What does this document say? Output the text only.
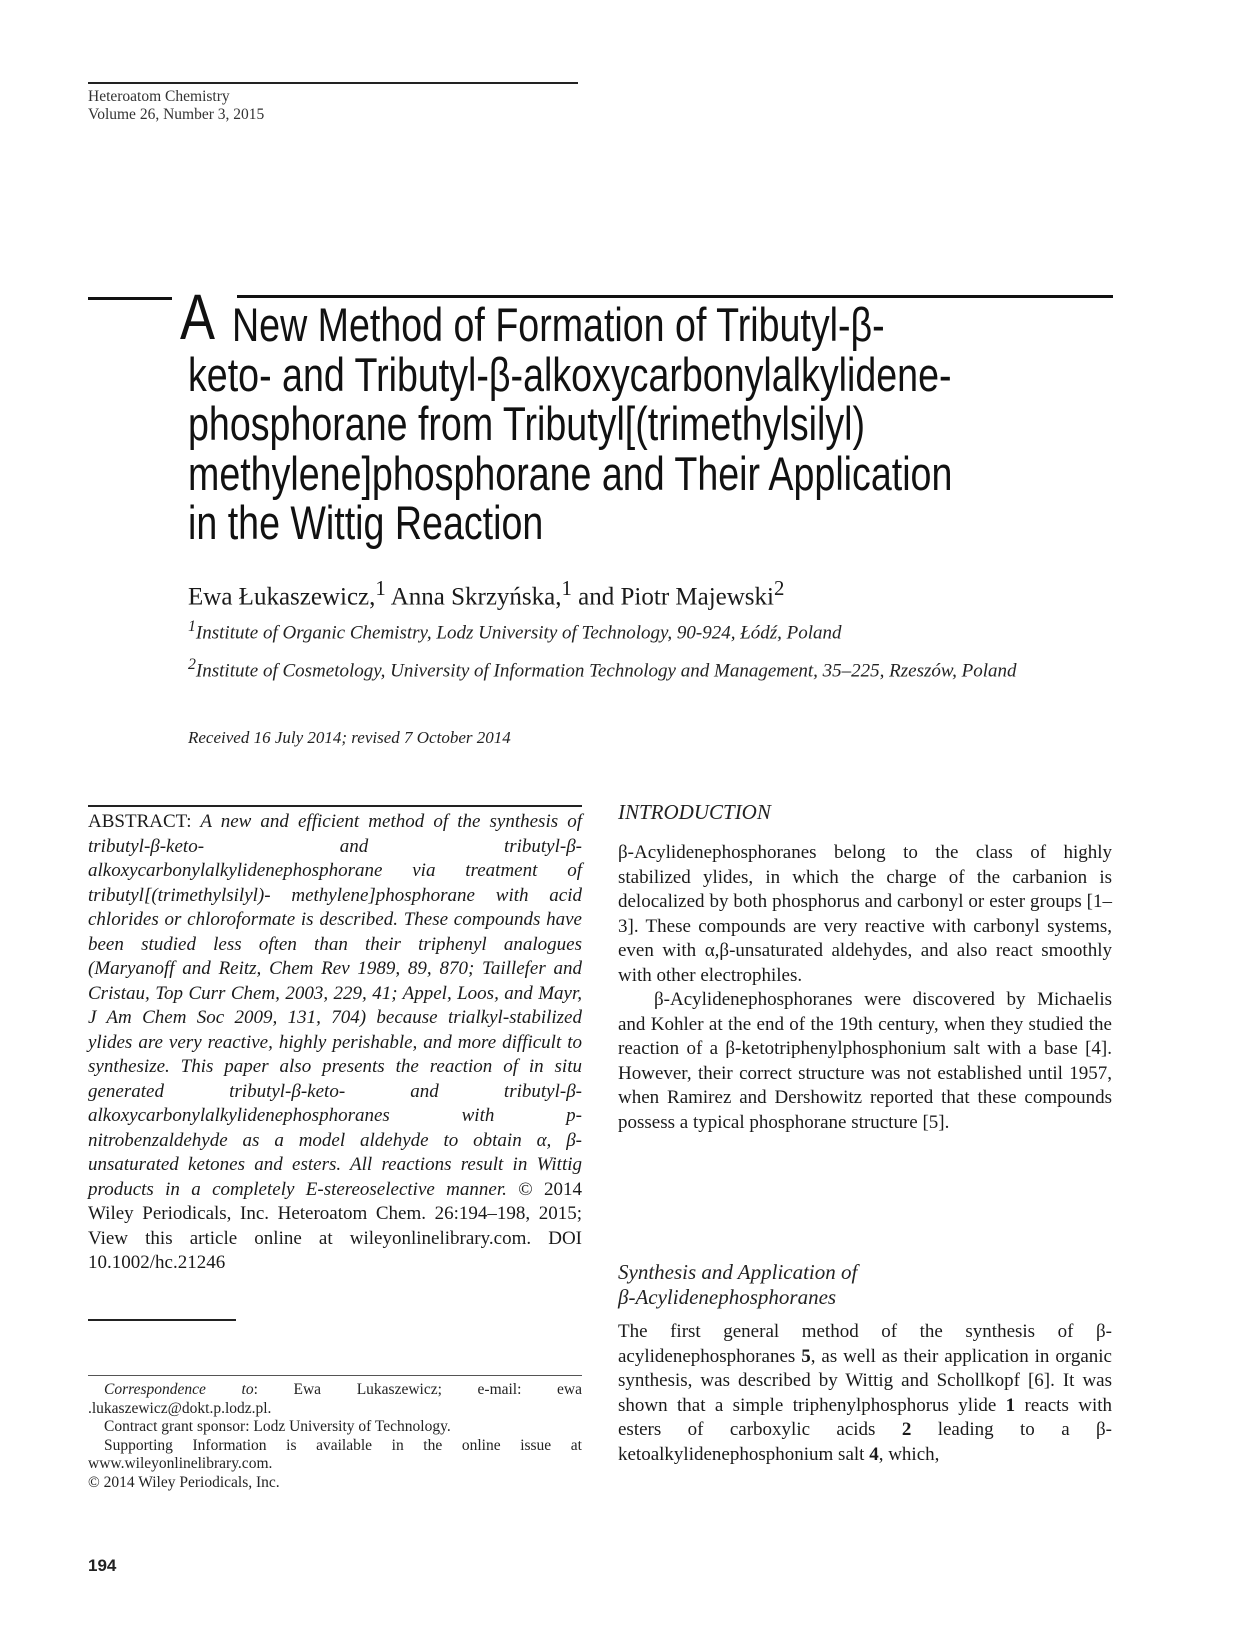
Heteroatom Chemistry
Volume 26, Number 3, 2015
A New Method of Formation of Tributyl-β-
keto- and Tributyl-β-alkoxycarbonylalkylidene-
phosphorane from Tributyl[(trimethylsilyl)
methylene]phosphorane and Their Application
in the Wittig Reaction
Ewa Łukaszewicz,$^1$ Anna Skrzyńska,$^1$ and Piotr Majewski$^2$
$^1$Institute of Organic Chemistry, Lodz University of Technology, 90-924, Łódź, Poland
$^2$Institute of Cosmetology, University of Information Technology and Management, 35–225, Rzeszów, Poland
Received 16 July 2014; revised 7 October 2014
ABSTRACT: A new and efficient method of the synthesis of tributyl-β-keto- and tributyl-β-alkoxycarbonylalkylidenephosphorane via treatment of tributyl[(trimethylsilyl)- methylene]phosphorane with acid chlorides or chloroformate is described. These compounds have been studied less often than their triphenyl analogues (Maryanoff and Reitz, Chem Rev 1989, 89, 870; Taillefer and Cristau, Top Curr Chem, 2003, 229, 41; Appel, Loos, and Mayr, J Am Chem Soc 2009, 131, 704) because trialkyl-stabilized ylides are very reactive, highly perishable, and more difficult to synthesize. This paper also presents the reaction of in situ generated tributyl-β-keto- and tributyl-β-alkoxycarbonylalkylidenephosphoranes with p-nitrobenzaldehyde as a model aldehyde to obtain α, β-unsaturated ketones and esters. All reactions result in Wittig products in a completely E-stereoselective manner. © 2014 Wiley Periodicals, Inc. Heteroatom Chem. 26:194–198, 2015; View this article online at wileyonlinelibrary.com. DOI 10.1002/hc.21246

Correspondence to: Ewa Lukaszewicz; e-mail: ewa .lukaszewicz@dokt.p.lodz.pl.

Contract grant sponsor: Lodz University of Technology.

Supporting Information is available in the online issue at www.wileyonlinelibrary.com.

© 2014 Wiley Periodicals, Inc.

194
INTRODUCTION

β-Acylidenephosphoranes belong to the class of highly stabilized ylides, in which the charge of the carbanion is delocalized by both phosphorus and carbonyl or ester groups [1–3]. These compounds are very reactive with carbonyl systems, even with α,β-unsaturated aldehydes, and also react smoothly with other electrophiles.

β-Acylidenephosphoranes were discovered by Michaelis and Kohler at the end of the 19th century, when they studied the reaction of a β-ketotriphenylphosphonium salt with a base [4]. However, their correct structure was not established until 1957, when Ramirez and Dershowitz reported that these compounds possess a typical phosphorane structure [5].

Synthesis and Application of
β-Acylidenephosphoranes

The first general method of the synthesis of β-acylidenephosphoranes 5, as well as their application in organic synthesis, was described by Wittig and Schollkopf [6]. It was shown that a simple triphenylphosphorus ylide 1 reacts with esters of carboxylic acids 2 leading to a β-ketoalkylidenephosphonium salt 4, which,
